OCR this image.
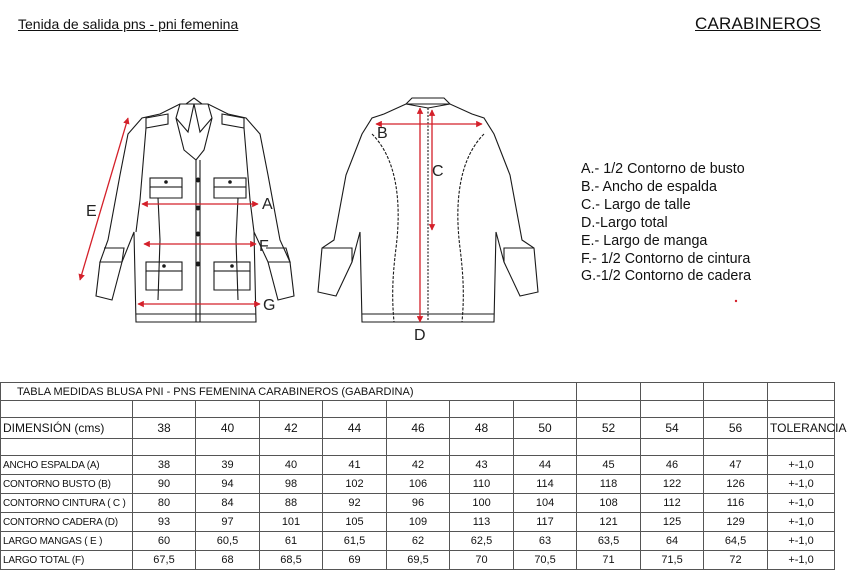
Tenida de salida pns - pni femenina	CARABINEROS
E	A
F
G
B
C
D
A.- 1/2 Contorno de busto
B.- Ancho de espalda
C.- Largo de talle
D.-Largo total
E.- Largo de manga
F.- 1/2 Contorno de cintura
G.-1/2 Contorno de cadera
TABLA MEDIDAS BLUSA PNI - PNS FEMENINA CARABINEROS (GABARDINA)											

DIMENSIÓN (cms)	38	40	42	44	46	48	50	52	54	56	TOLERANCIA

ANCHO ESPALDA (A)	38	39	40	41	42	43	44	45	46	47	+-1,0
CONTORNO BUSTO (B)	90	94	98	102	106	110	114	118	122	126	+-1,0
CONTORNO CINTURA ( C )	80	84	88	92	96	100	104	108	112	116	+-1,0
CONTORNO CADERA (D)	93	97	101	105	109	113	117	121	125	129	+-1,0
LARGO MANGAS ( E )	60	60,5	61	61,5	62	62,5	63	63,5	64	64,5	+-1,0
LARGO TOTAL (F)	67,5	68	68,5	69	69,5	70	70,5	71	71,5	72	+-1,0
